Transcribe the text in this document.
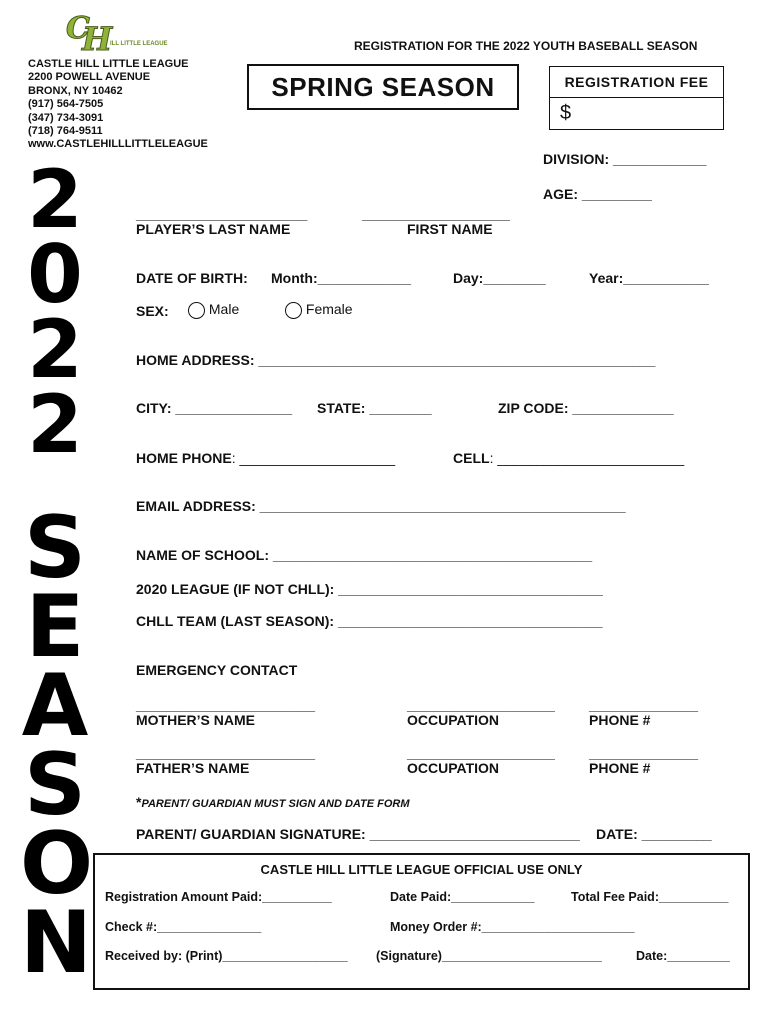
C
H
ILL LITTLE LEAGUE	REGISTRATION FOR THE 2022 YOUTH BASEBALL SEASON
CASTLE HILL LITTLE LEAGUE
2200 POWELL AVENUE
BRONX, NY 10462
(917) 564-7505
(347) 734-3091
(718) 764-9511
www.CASTLEHILLLITTLELEAGUE
SPRING SEASON	REGISTRATION FEE
$
2
0
2
2
S
E
A
S
O
N
DIVISION: ____________
AGE: _________
______________________	___________________
PLAYER’S LAST NAME	FIRST NAME
DATE OF BIRTH: Month:____________	Day:________	Year:___________
SEX:	Male	Female
HOME ADDRESS: ___________________________________________________
CITY: _______________ STATE: ________	ZIP CODE: _____________
HOME PHONE: ____________________	CELL: ________________________
EMAIL ADDRESS: _______________________________________________
NAME OF SCHOOL: _________________________________________
2020 LEAGUE (IF NOT CHLL): __________________________________
CHLL TEAM (LAST SEASON): __________________________________
EMERGENCY CONTACT
_______________________	___________________ ______________
MOTHER’S NAME	OCCUPATION	PHONE #
_______________________	___________________ ______________
FATHER’S NAME	OCCUPATION	PHONE #
*PARENT/ GUARDIAN MUST SIGN AND DATE FORM
PARENT/ GUARDIAN SIGNATURE: ___________________________ DATE: _________
CASTLE HILL LITTLE LEAGUE OFFICIAL USE ONLY
Registration Amount Paid:__________	Date Paid:____________	Total Fee Paid:__________
Check #:_______________	Money Order #:______________________
Received by: (Print)__________________ (Signature)_______________________	Date:_________
